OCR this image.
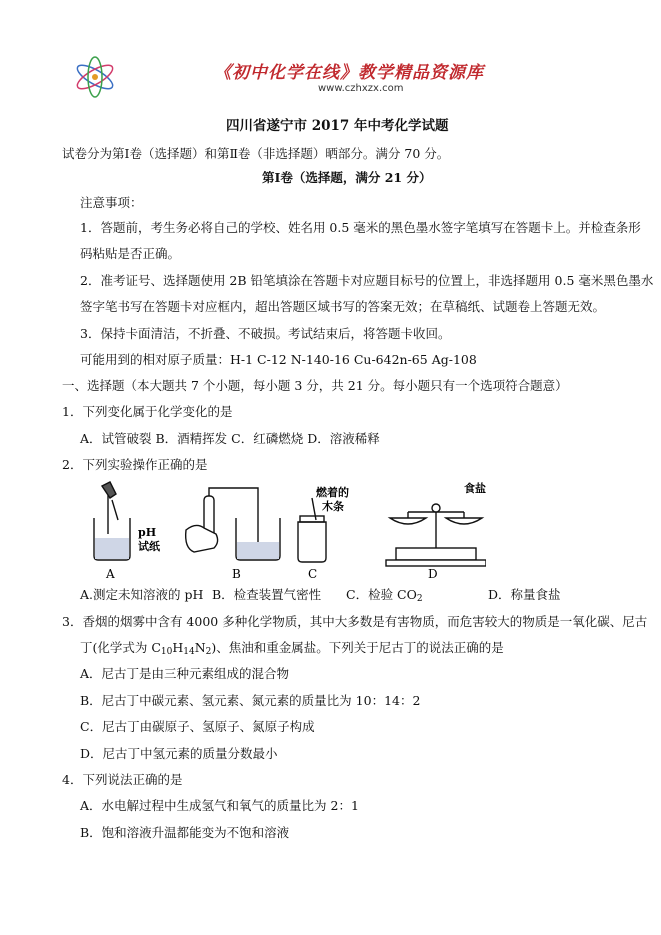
《初中化学在线》教学精品资源库
www.czhxzx.com
四川省遂宁市 2017 年中考化学试题
试卷分为第Ⅰ卷（选择题）和第Ⅱ卷（非选择题）晒部分。满分 70 分。
第Ⅰ卷（选择题，满分 21 分）
注意事项：
1．答题前，考生务必将自己的学校、姓名用 0.5 毫米的黑色墨水签字笔填写在答题卡上。并检查条形
码粘贴是否正确。
2．准考证号、选择题使用 2B 铅笔填涂在答题卡对应题目标号的位置上，非选择题用 0.5 毫米黑色墨水
签字笔书写在答题卡对应框内，超出答题区域书写的答案无效；在草稿纸、试题卷上答题无效。
3．保持卡面清洁，不折叠、不破损。考试结束后，将答题卡收回。
可能用到的相对原子质量：H-1 C-12 N-140-16 Cu-642n-65 Ag-108
一、选择题（本大题共 7 个小题，每小题 3 分，共 21 分。每小题只有一个选项符合题意）
1．下列变化属于化学变化的是
A．试管破裂 B．酒精挥发 C．红磷燃烧 D．溶液稀释
2．下列实验操作正确的是
pH
试纸
A	B
燃着的
木条
C
食盐
D
A.测定未知溶液的 pH B．检查装置气密性 C．检验 $CO_2$	D．称量食盐
3．香烟的烟雾中含有 4000 多种化学物质，其中大多数是有害物质，而危害较大的物质是一氧化碳、尼古
丁(化学式为 $C_{10}H_{14}N_2$)、焦油和重金属盐。下列关于尼古丁的说法正确的是
A．尼古丁是由三种元素组成的混合物
B．尼古丁中碳元素、氢元素、氮元素的质量比为 10：14：2
C．尼古丁由碳原子、氢原子、氮原子构成
D．尼古丁中氢元素的质量分数最小
4．下列说法正确的是
A．水电解过程中生成氢气和氧气的质量比为 2：1
B．饱和溶液升温都能变为不饱和溶液
